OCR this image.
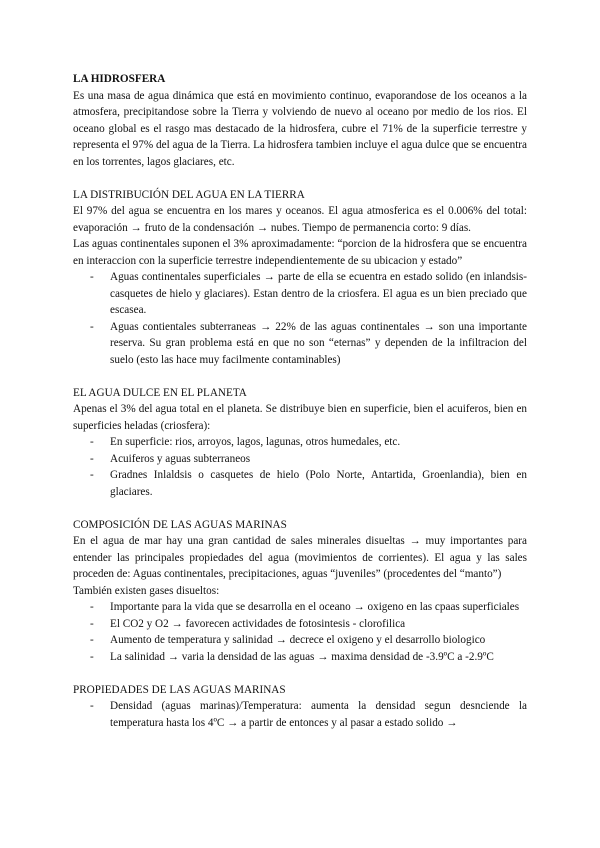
LA HIDROSFERA

Es una masa de agua dinámica que está en movimiento continuo, evaporandose de los oceanos a la atmosfera, precipitandose sobre la Tierra y volviendo de nuevo al oceano por medio de los rios. El oceano global es el rasgo mas destacado de la hidrosfera, cubre el 71% de la superficie terrestre y representa el 97% del agua de la Tierra. La hidrosfera tambien incluye el agua dulce que se encuentra en los torrentes, lagos glaciares, etc.

LA DISTRIBUCIÓN DEL AGUA EN LA TIERRA

El 97% del agua se encuentra en los mares y oceanos. El agua atmosferica es el 0.006% del total: evaporación → fruto de la condensación → nubes. Tiempo de permanencia corto: 9 días.

Las aguas continentales suponen el 3% aproximadamente: “porcion de la hidrosfera que se encuentra en interaccion con la superficie terrestre independientemente de su ubicacion y estado”

- Aguas continentales superficiales → parte de ella se ecuentra en estado solido (en inlandsis-casquetes de hielo y glaciares). Estan dentro de la criosfera. El agua es un bien preciado que escasea.
- Aguas contientales subterraneas → 22% de las aguas continentales → son una importante reserva. Su gran problema está en que no son “eternas” y dependen de la infiltracion del suelo (esto las hace muy facilmente contaminables)

EL AGUA DULCE EN EL PLANETA

Apenas el 3% del agua total en el planeta. Se distribuye bien en superficie, bien el acuiferos, bien en superficies heladas (criosfera):

- En superficie: rios, arroyos, lagos, lagunas, otros humedales, etc.
- Acuiferos y aguas subterraneos
- Gradnes Inlaldsis o casquetes de hielo (Polo Norte, Antartida, Groenlandia), bien en glaciares.

COMPOSICIÓN DE LAS AGUAS MARINAS

En el agua de mar hay una gran cantidad de sales minerales disueltas → muy importantes para entender las principales propiedades del agua (movimientos de corrientes). El agua y las sales proceden de: Aguas continentales, precipitaciones, aguas “juveniles” (procedentes del “manto”)

También existen gases disueltos:

- Importante para la vida que se desarrolla en el oceano → oxigeno en las cpaas superficiales
- El CO2 y O2 → favorecen actividades de fotosintesis - clorofilica
- Aumento de temperatura y salinidad → decrece el oxigeno y el desarrollo biologico
- La salinidad → varia la densidad de las aguas → maxima densidad de -3.9ºC a -2.9ºC

PROPIEDADES DE LAS AGUAS MARINAS

- Densidad (aguas marinas)/Temperatura: aumenta la densidad segun desnciende la temperatura hasta los 4ºC → a partir de entonces y al pasar a estado solido →
